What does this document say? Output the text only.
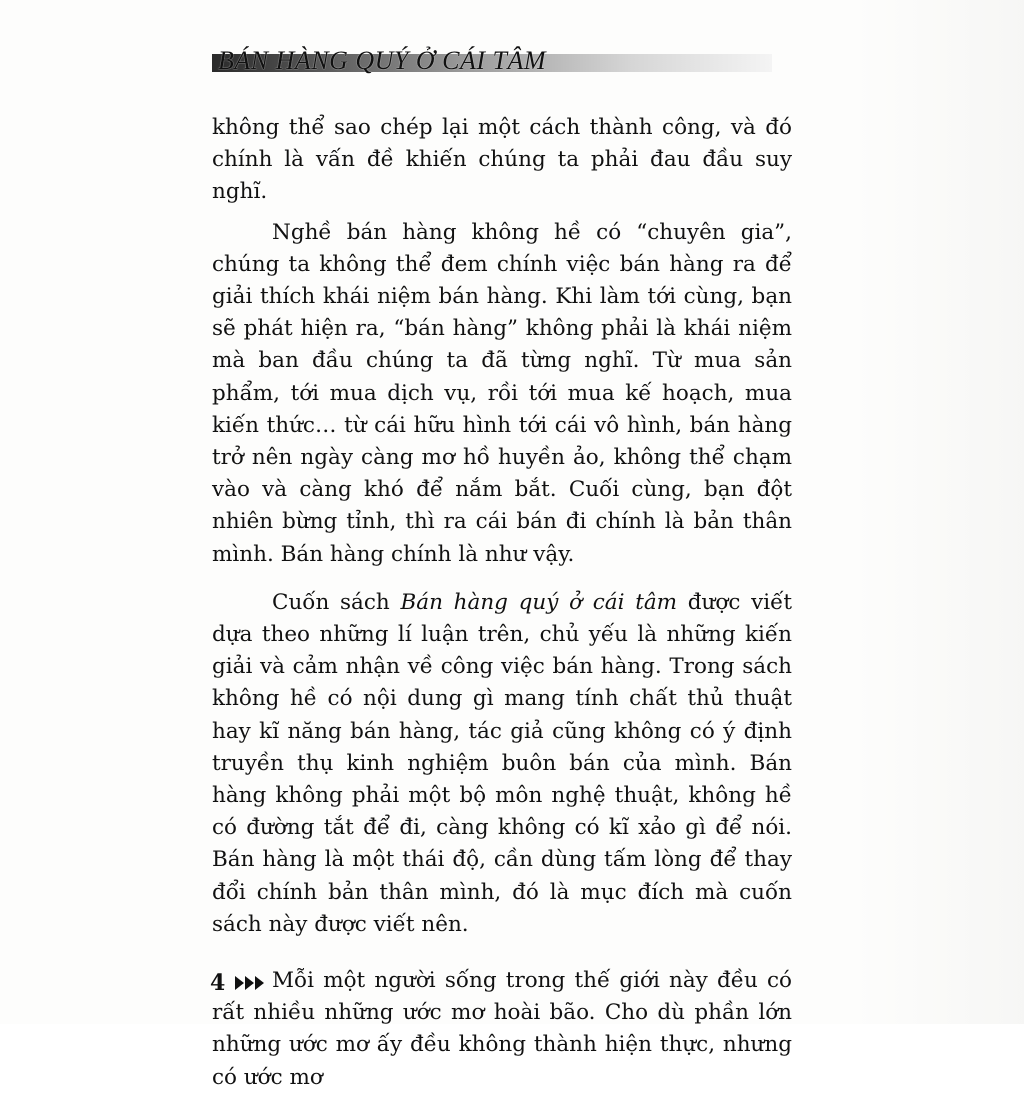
BÁN HÀNG QUÝ Ở CÁI TÂM

không thể sao chép lại một cách thành công, và đó chính là vấn đề khiến chúng ta phải đau đầu suy nghĩ.

Nghề bán hàng không hề có “chuyên gia”, chúng ta không thể đem chính việc bán hàng ra để giải thích khái niệm bán hàng. Khi làm tới cùng, bạn sẽ phát hiện ra, “bán hàng” không phải là khái niệm mà ban đầu chúng ta đã từng nghĩ. Từ mua sản phẩm, tới mua dịch vụ, rồi tới mua kế hoạch, mua kiến thức… từ cái hữu hình tới cái vô hình, bán hàng trở nên ngày càng mơ hồ huyền ảo, không thể chạm vào và càng khó để nắm bắt. Cuối cùng, bạn đột nhiên bừng tỉnh, thì ra cái bán đi chính là bản thân mình. Bán hàng chính là như vậy.

Cuốn sách Bán hàng quý ở cái tâm được viết dựa theo những lí luận trên, chủ yếu là những kiến giải và cảm nhận về công việc bán hàng. Trong sách không hề có nội dung gì mang tính chất thủ thuật hay kĩ năng bán hàng, tác giả cũng không có ý định truyền thụ kinh nghiệm buôn bán của mình. Bán hàng không phải một bộ môn nghệ thuật, không hề có đường tắt để đi, càng không có kĩ xảo gì để nói. Bán hàng là một thái độ, cần dùng tấm lòng để thay đổi chính bản thân mình, đó là mục đích mà cuốn sách này được viết nên.

Mỗi một người sống trong thế giới này đều có rất nhiều những ước mơ hoài bão. Cho dù phần lớn những ước mơ ấy đều không thành hiện thực, nhưng có ước mơ

4
